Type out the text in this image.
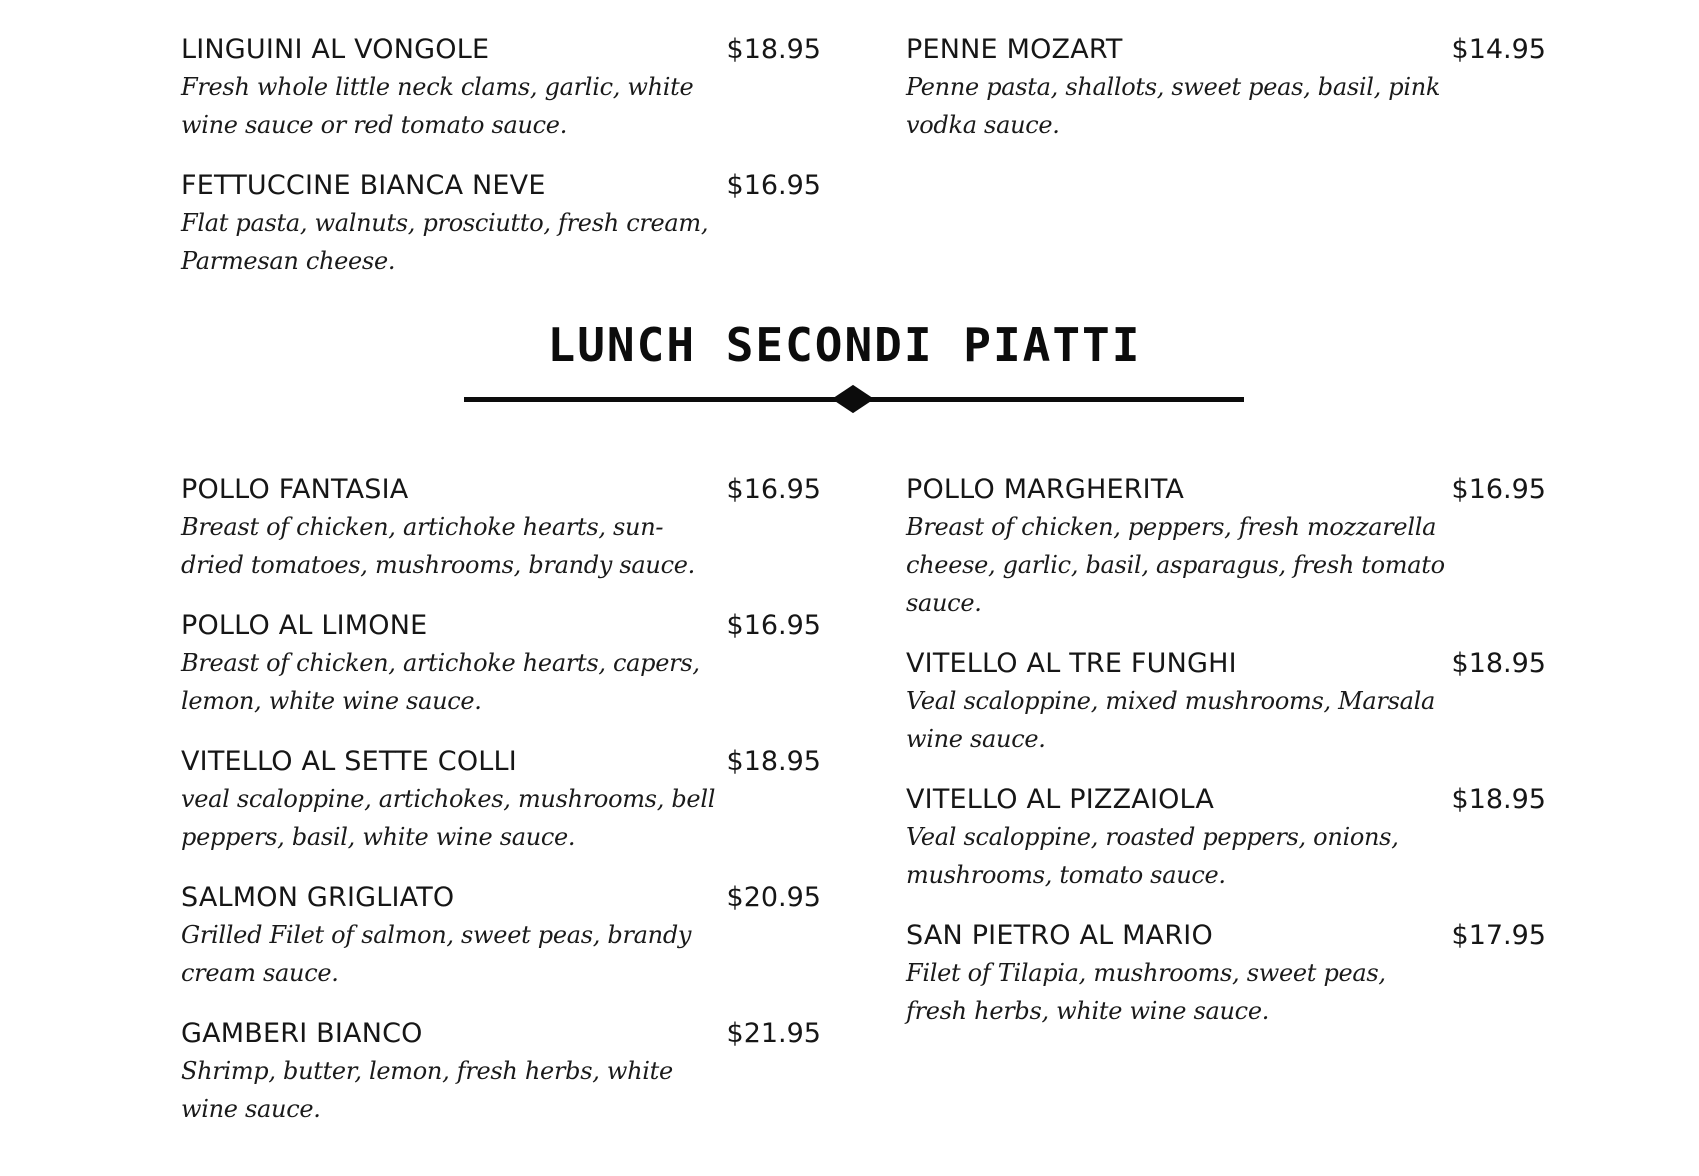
LINGUINI AL VONGOLE	$18.95
Fresh whole little neck clams, garlic, white wine sauce or red tomato sauce.
FETTUCCINE BIANCA NEVE	$16.95
Flat pasta, walnuts, prosciutto, fresh cream, Parmesan cheese.
PENNE MOZART	$14.95
Penne pasta, shallots, sweet peas, basil, pink vodka sauce.
LUNCH SECONDI PIATTI
POLLO FANTASIA	$16.95
Breast of chicken, artichoke hearts, sun-dried tomatoes, mushrooms, brandy sauce.
POLLO AL LIMONE	$16.95
Breast of chicken, artichoke hearts, capers, lemon, white wine sauce.
VITELLO AL SETTE COLLI	$18.95
veal scaloppine, artichokes, mushrooms, bell peppers, basil, white wine sauce.
SALMON GRIGLIATO	$20.95
Grilled Filet of salmon, sweet peas, brandy cream sauce.
GAMBERI BIANCO	$21.95
Shrimp, butter, lemon, fresh herbs, white wine sauce.
POLLO MARGHERITA	$16.95
Breast of chicken, peppers, fresh mozzarella cheese, garlic, basil, asparagus, fresh tomato sauce.
VITELLO AL TRE FUNGHI	$18.95
Veal scaloppine, mixed mushrooms, Marsala wine sauce.
VITELLO AL PIZZAIOLA	$18.95
Veal scaloppine, roasted peppers, onions, mushrooms, tomato sauce.
SAN PIETRO AL MARIO	$17.95
Filet of Tilapia, mushrooms, sweet peas, fresh herbs, white wine sauce.
